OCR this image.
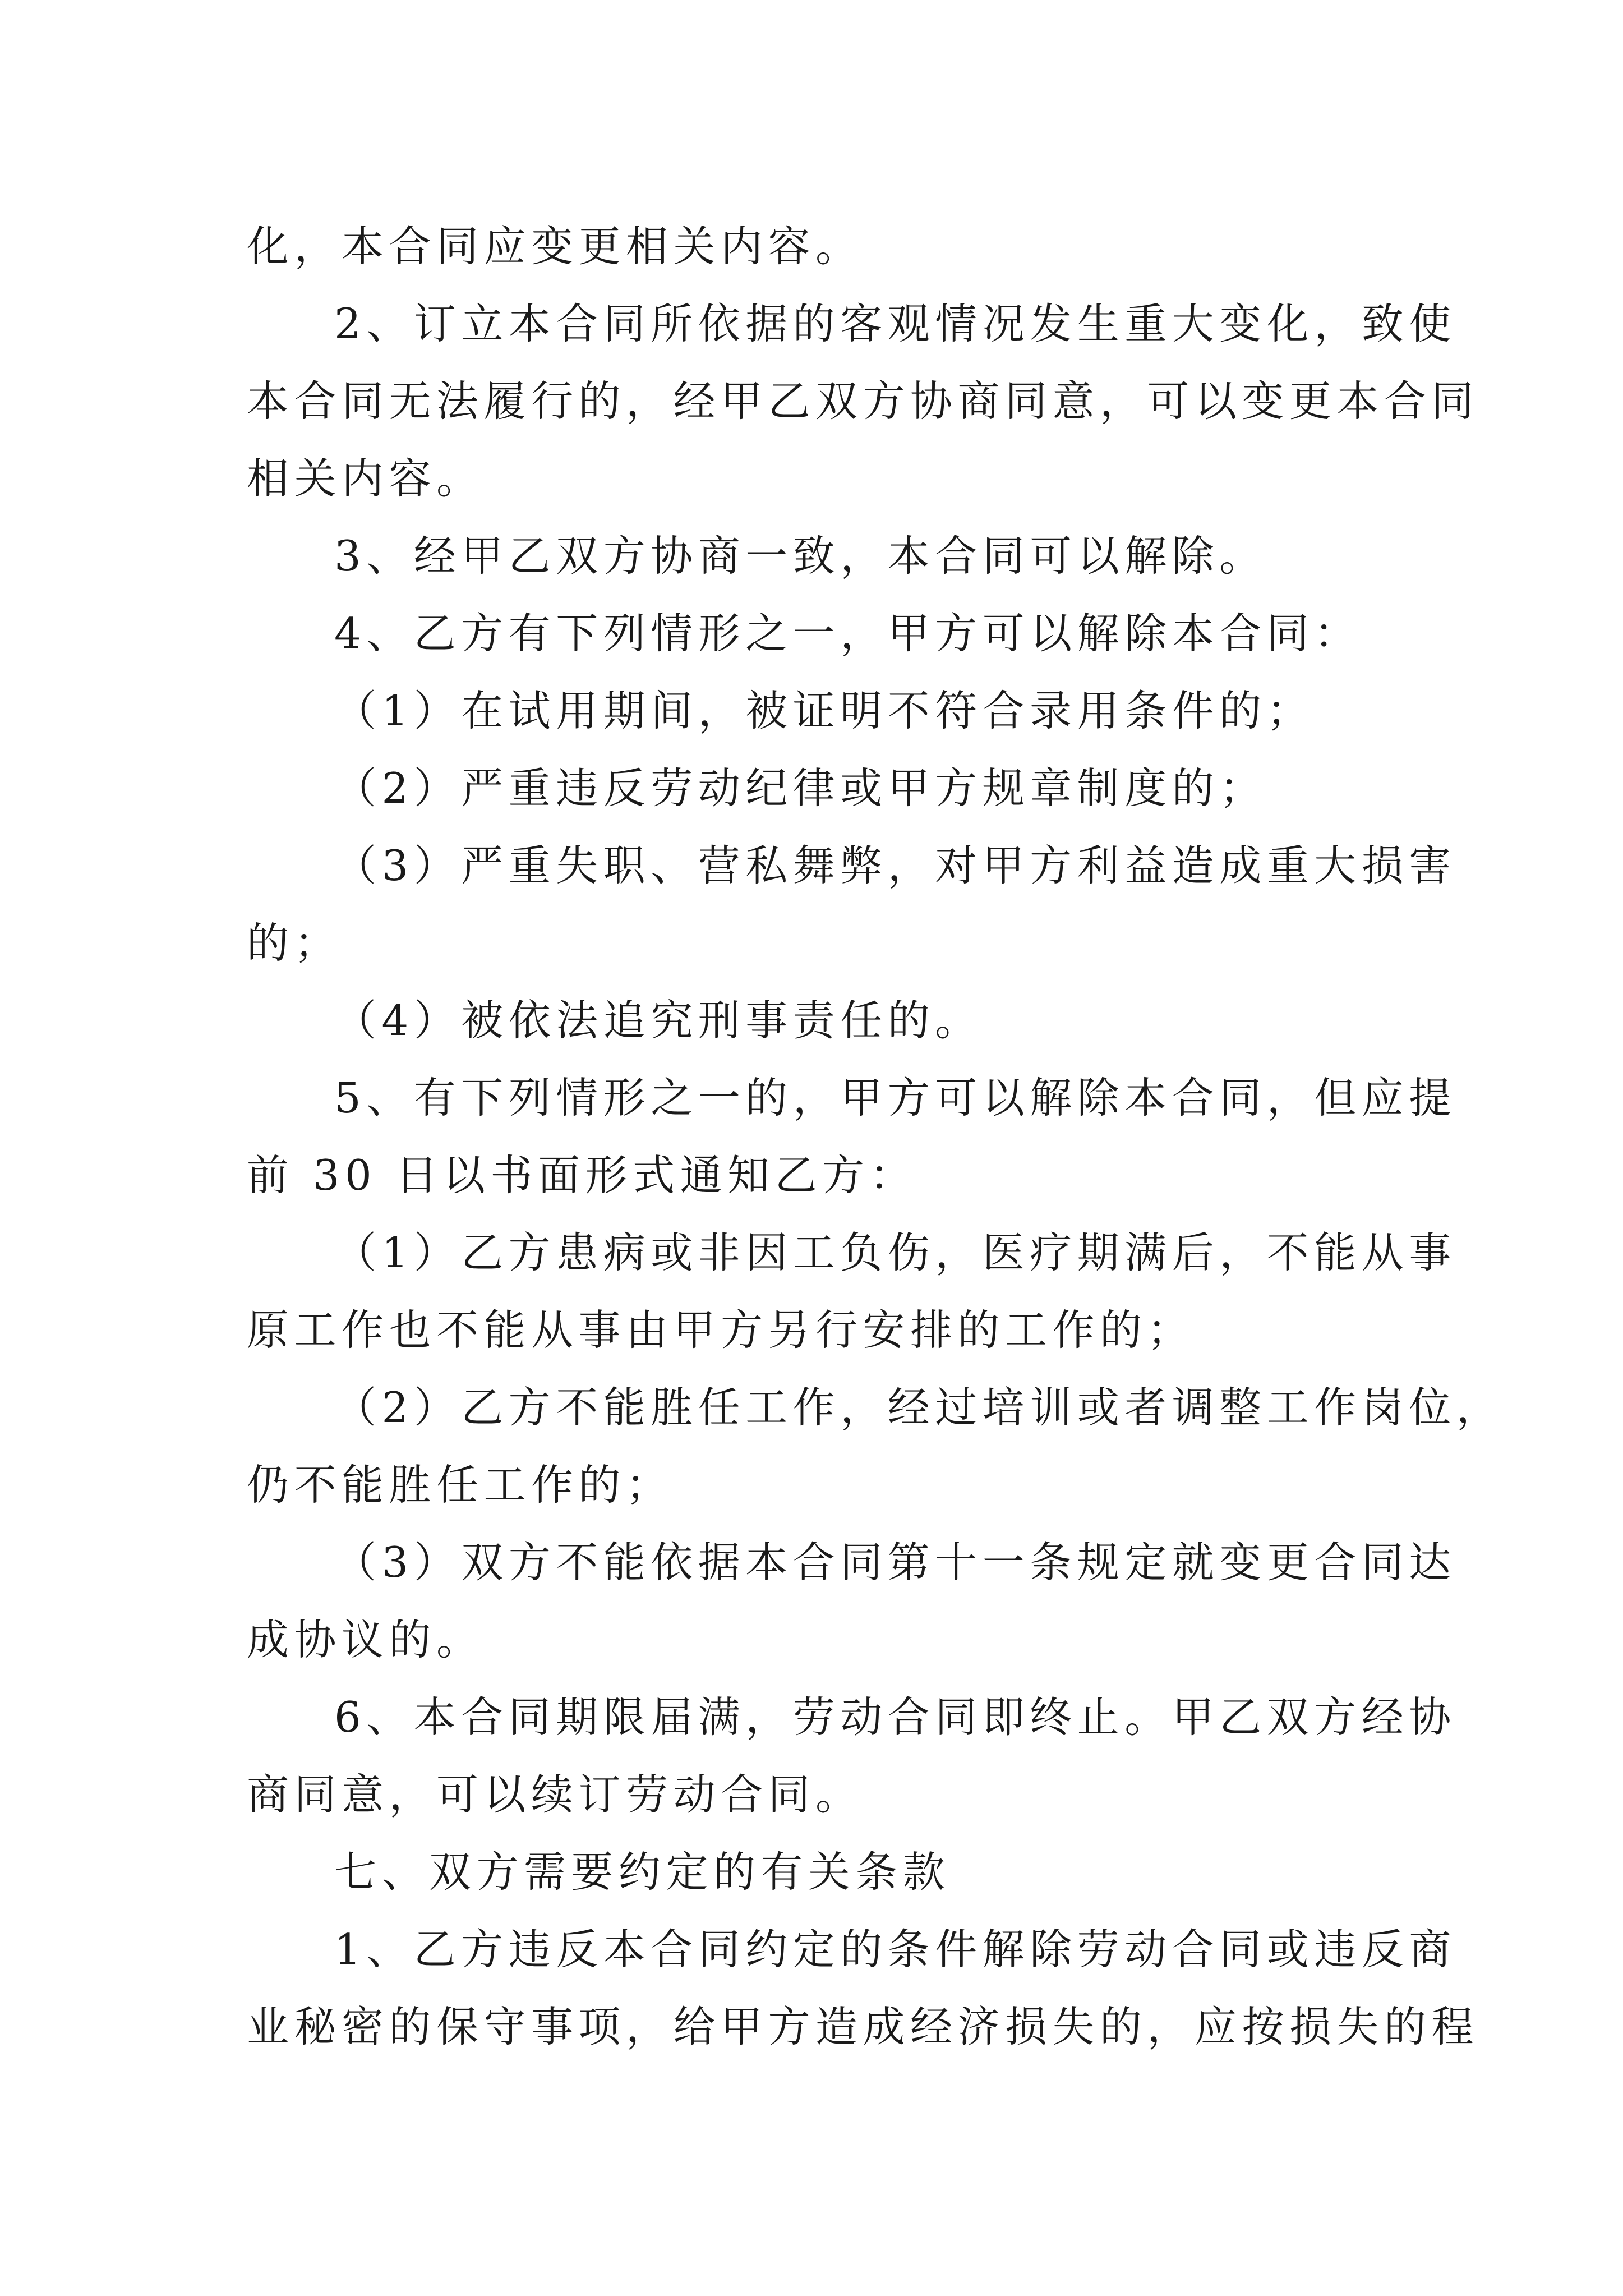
化，本合同应变更相关内容。
2、订立本合同所依据的客观情况发生重大变化，致使
本合同无法履行的，经甲乙双方协商同意，可以变更本合同
相关内容。
3、经甲乙双方协商一致，本合同可以解除。
4、乙方有下列情形之一，甲方可以解除本合同：
（1）在试用期间，被证明不符合录用条件的；
（2）严重违反劳动纪律或甲方规章制度的；
（3）严重失职、营私舞弊，对甲方利益造成重大损害
的；
（4）被依法追究刑事责任的。
5、有下列情形之一的，甲方可以解除本合同，但应提
前 30 日以书面形式通知乙方：
（1）乙方患病或非因工负伤，医疗期满后，不能从事
原工作也不能从事由甲方另行安排的工作的；
（2）乙方不能胜任工作，经过培训或者调整工作岗位，
仍不能胜任工作的；
（3）双方不能依据本合同第十一条规定就变更合同达
成协议的。
6、本合同期限届满，劳动合同即终止。甲乙双方经协
商同意，可以续订劳动合同。
七、双方需要约定的有关条款
1、乙方违反本合同约定的条件解除劳动合同或违反商
业秘密的保守事项，给甲方造成经济损失的，应按损失的程
